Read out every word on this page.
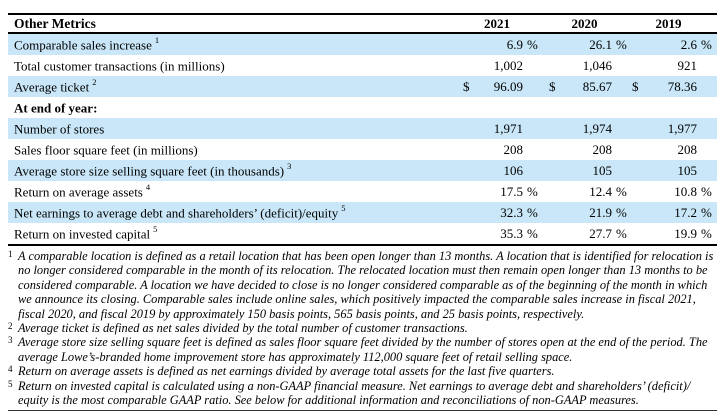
Other Metrics	2021	2020	2019
Comparable sales increase $^1$	6.9 %	26.1 %	2.6 %
Total customer transactions (in millions)	1,002	1,046	921
Average ticket $^2$	$	96.09 $	85.67 $	78.36
At end of year:
Number of stores	1,971	1,974	1,977
Sales floor square feet (in millions)	208	208	208
Average store size selling square feet (in thousands) $^3$	106	105	105
Return on average assets $^4$	17.5 %	12.4 %	10.8 %
Net earnings to average debt and shareholders’ (deficit)/equity $^5$	32.3 %	21.9 %	17.2 %
Return on invested capital $^5$	35.3 %	27.7 %	19.9 %
1 A comparable location is defined as a retail location that has been open longer than 13 months. A location that is identified for relocation is no longer considered comparable in the month of its relocation. The relocated location must then remain open longer than 13 months to be considered comparable. A location we have decided to close is no longer considered comparable as of the beginning of the month in which we announce its closing. Comparable sales include online sales, which positively impacted the comparable sales increase in fiscal 2021, fiscal 2020, and fiscal 2019 by approximately 150 basis points, 565 basis points, and 25 basis points, respectively.
2 Average ticket is defined as net sales divided by the total number of customer transactions.
3 Average store size selling square feet is defined as sales floor square feet divided by the number of stores open at the end of the period. The average Lowe’s-branded home improvement store has approximately 112,000 square feet of retail selling space.
4 Return on average assets is defined as net earnings divided by average total assets for the last five quarters.
5 Return on invested capital is calculated using a non-GAAP financial measure. Net earnings to average debt and shareholders’ (deficit)/ equity is the most comparable GAAP ratio. See below for additional information and reconciliations of non-GAAP measures.
